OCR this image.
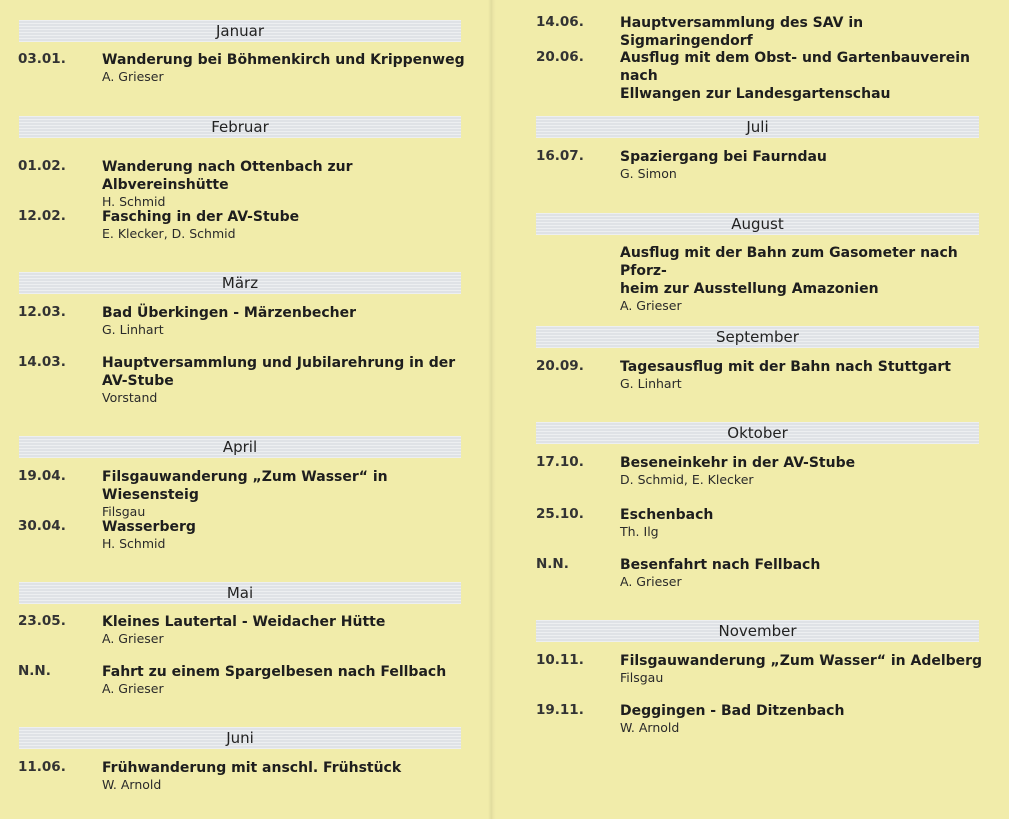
Januar
03.01.	Wanderung bei Böhmenkirch und Krippenweg
A. Grieser
Februar
01.02.	Wanderung nach Ottenbach zur Albvereinshütte
H. Schmid
12.02.	Fasching in der AV-Stube
E. Klecker, D. Schmid
März
12.03.	Bad Überkingen - Märzenbecher
G. Linhart
14.03.	Hauptversammlung und Jubilarehrung in der
AV-Stube
Vorstand
April
19.04.	Filsgauwanderung „Zum Wasser“ in Wiesensteig
Filsgau
30.04.	Wasserberg
H. Schmid
Mai
23.05.	Kleines Lautertal - Weidacher Hütte
A. Grieser
N.N.	Fahrt zu einem Spargelbesen nach Fellbach
A. Grieser
Juni
11.06.	Frühwanderung mit anschl. Frühstück
W. Arnold
14.06.	Hauptversammlung des SAV in Sigmaringendorf
20.06.	Ausflug mit dem Obst- und Gartenbauverein nach
Ellwangen zur Landesgartenschau
Juli
16.07.	Spaziergang bei Faurndau
G. Simon
August
Ausflug mit der Bahn zum Gasometer nach Pforz-
heim zur Ausstellung Amazonien
A. Grieser
September
20.09.	Tagesausflug mit der Bahn nach Stuttgart
G. Linhart
Oktober
17.10.	Beseneinkehr in der AV-Stube
D. Schmid, E. Klecker
25.10.	Eschenbach
Th. Ilg
N.N.	Besenfahrt nach Fellbach
A. Grieser
November
10.11.	Filsgauwanderung „Zum Wasser“ in Adelberg
Filsgau
19.11.	Deggingen - Bad Ditzenbach
W. Arnold
